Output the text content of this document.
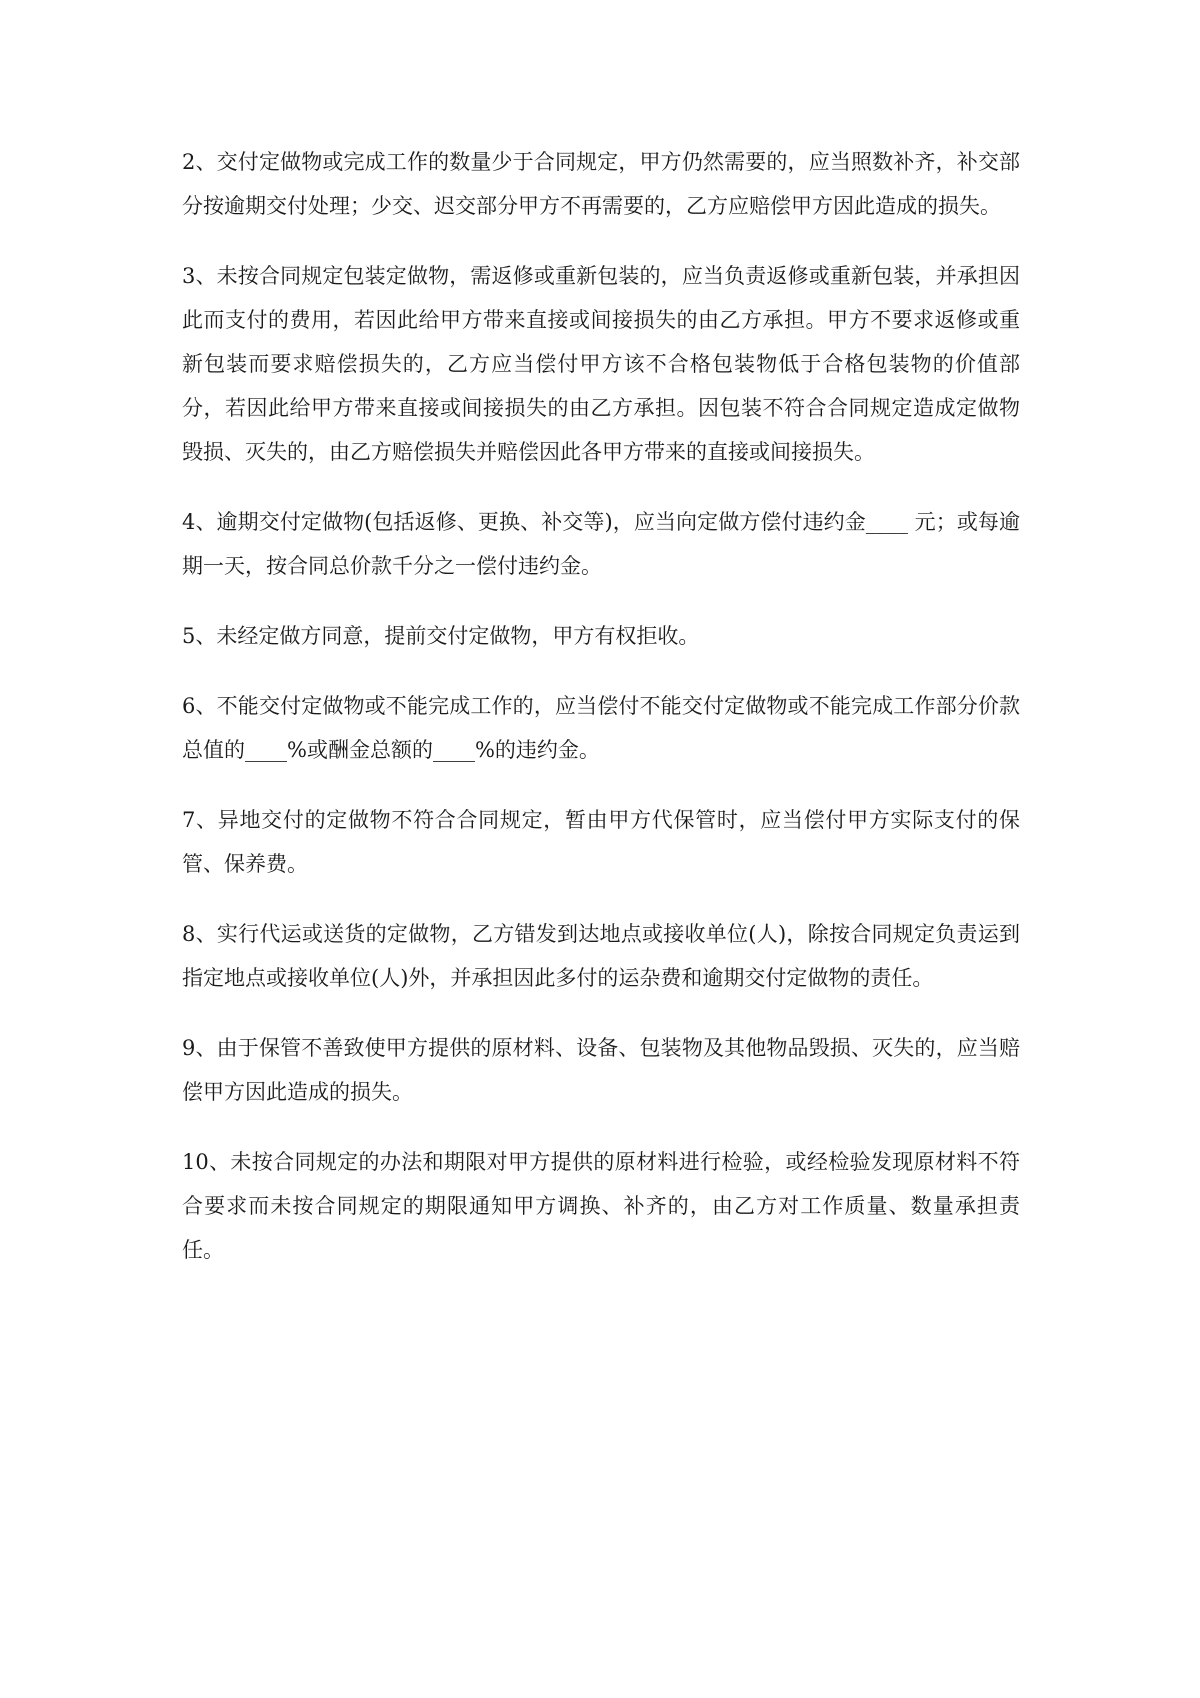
2、交付定做物或完成工作的数量少于合同规定，甲方仍然需要的，应当照数补齐，补交部分按逾期交付处理；少交、迟交部分甲方不再需要的，乙方应赔偿甲方因此造成的损失。

3、未按合同规定包装定做物，需返修或重新包装的，应当负责返修或重新包装，并承担因此而支付的费用，若因此给甲方带来直接或间接损失的由乙方承担。甲方不要求返修或重新包装而要求赔偿损失的，乙方应当偿付甲方该不合格包装物低于合格包装物的价值部分，若因此给甲方带来直接或间接损失的由乙方承担。因包装不符合合同规定造成定做物毁损、灭失的，由乙方赔偿损失并赔偿因此各甲方带来的直接或间接损失。

4、逾期交付定做物(包括返修、更换、补交等)，应当向定做方偿付违约金____ 元；或每逾期一天，按合同总价款千分之一偿付违约金。

5、未经定做方同意，提前交付定做物，甲方有权拒收。

6、不能交付定做物或不能完成工作的，应当偿付不能交付定做物或不能完成工作部分价款总值的____%或酬金总额的____%的违约金。

7、异地交付的定做物不符合合同规定，暂由甲方代保管时，应当偿付甲方实际支付的保管、保养费。

8、实行代运或送货的定做物，乙方错发到达地点或接收单位(人)，除按合同规定负责运到指定地点或接收单位(人)外，并承担因此多付的运杂费和逾期交付定做物的责任。

9、由于保管不善致使甲方提供的原材料、设备、包装物及其他物品毁损、灭失的，应当赔偿甲方因此造成的损失。

10、未按合同规定的办法和期限对甲方提供的原材料进行检验，或经检验发现原材料不符合要求而未按合同规定的期限通知甲方调换、补齐的，由乙方对工作质量、数量承担责任。
